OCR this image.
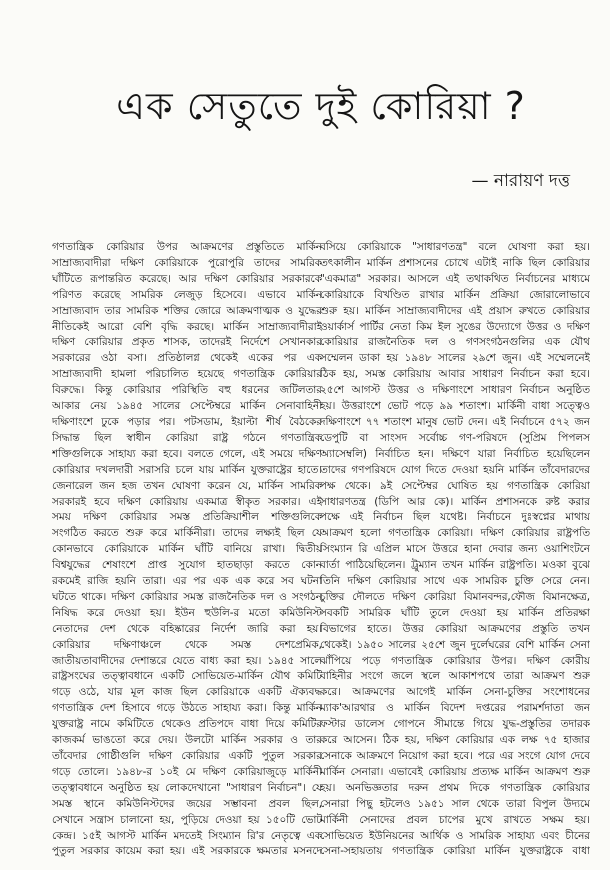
এক সেতুতে দুই কোরিয়া ?
— নারায়ণ দত্ত
গণতান্ত্রিক কোরিয়ার উপর আক্রমণের প্রস্তুতিতে মার্কিন
সাম্রাজ্যবাদীরা দক্ষিণ কোরিয়াকে পুরোপুরি তাদের সামরিক
ঘাঁটিতে রূপান্তরিত করেছে। আর দক্ষিণ কোরিয়ার সরকারকে
পরিণত করেছে সামরিক লেজুড় হিসেবে। এভাবে মার্কিন
সাম্রাজ্যবাদ তার সামরিক শক্তির জোরে আক্রমণাত্মক ও যুদ্ধের
নীতিকেই আরো বেশি বৃদ্ধি করছে। মার্কিন সাম্রাজ্যবাদীরাই
দক্ষিণ কোরিয়ার প্রকৃত শাসক, তাদেরই নির্দেশে সেখানকার
সরকারের ওঠা বসা। প্রতিষ্ঠালগ্ন থেকেই একের পর এক
সাম্রাজ্যবাদী হামলা পরিচালিত হয়েছে গণতান্ত্রিক কোরিয়ার
বিরুদ্ধে। কিন্তু কোরিয়ার পরিস্থিতি বহু ধরনের জটিলতার
আকার নেয় ১৯৪৫ সালের সেপ্টেম্বরে মার্কিন সেনাবাহিনী
দক্ষিণাংশে ঢুকে পড়ার পর। পটসডাম, ইয়াল্টা শীর্ষ বৈঠকের
সিদ্ধান্ত ছিল স্বাধীন কোরিয়া রাষ্ট্র গঠনে গণতান্ত্রিক
শক্তিগুলিকে সাহায্য করা হবে। বলতে গেলে, এই সময়ে দক্ষিণ
কোরিয়ার দখলদারী সরাসরি চলে যায় মার্কিন যুক্তরাষ্ট্রের হাতে।
জেনারেল জন হজ তখন ঘোষণা করেন যে, মার্কিন সামরিক
সরকারই হবে দক্ষিণ কোরিয়ায় একমাত্র স্বীকৃত সরকার। এই
সময় দক্ষিণ কোরিয়ার সমস্ত প্রতিক্রিয়াশীল শক্তিগুলিকে
সংগঠিত করতে শুরু করে মার্কিনীরা। তাদের লক্ষ্যই ছিল যে
কোনভাবে কোরিয়াকে মার্কিন ঘাঁটি বানিয়ে রাখা। দ্বিতীয়
বিশ্বযুদ্ধের শেষাংশে প্রাপ্ত সুযোগ হাতছাড়া করতে কোন
রকমেই রাজি হয়নি তারা। এর পর এক এক করে সব ঘটনা
ঘটতে থাকে। দক্ষিণ কোরিয়ার সমস্ত রাজনৈতিক দল ও সংগঠন
নিষিদ্ধ করে দেওয়া হয়। ইউন হুউলি-র মতো কমিউনিস্ট
নেতাদের দেশ থেকে বহিষ্কারের নির্দেশ জারি করা হয়।
কোরিয়ার দক্ষিণাঞ্চলে থেকে সমস্ত দেশপ্রেমিক,
জাতীয়তাবাদীদের দেশান্তরে যেতে বাধ্য করা হয়। ১৯৪৫ সালে
রাষ্ট্রসংঘের তত্ত্বাবধানে একটি সোভিয়েত-মার্কিন যৌথ কমিটি
গড়ে ওঠে, যার মূল কাজ ছিল কোরিয়াকে একটি ঐক্যবদ্ধ
গণতান্ত্রিক দেশ হিসাবে গড়ে উঠতে সাহায্য করা। কিন্তু মার্কিন
যুক্তরাষ্ট্র নামে কমিটিতে থেকেও প্রতিপদে বাধা দিয়ে কমিটির
কাজকর্ম ভাঙতো করে দেয়। উলটো মার্কিন সরকার ও তার
তাঁবেদার গোষ্ঠীগুলি দক্ষিণ কোরিয়ার একটি পুতুল সরকার
গড়ে তোলে। ১৯৪৮-র ১০ই মে দক্ষিণ কোরিয়াজুড়ে মার্কিনী
তত্ত্বাবধানে অনুষ্ঠিত হয় লোকদেখানো "সাধারণ নির্বাচন"। যে
সমস্ত স্থানে কমিউনিস্টদের জয়ের সম্ভাবনা প্রবল ছিল,
সেখানে সন্ত্রাস চালানো হয়, পুড়িয়ে দেওয়া হয় ১৫০টি ভোট
কেন্দ্র। ১৫ই আগস্ট মার্কিন মদতেই সিংম্যান রি'র নেতৃত্বে এক
পুতুল সরকার কায়েম করা হয়। এই সরকারকে ক্ষমতার মসনদে
বসিয়ে কোরিয়াকে "সাধারণতন্ত্র" বলে ঘোষণা করা হয়।
তৎকালীন মার্কিন প্রশাসনের চোখে এটাই নাকি ছিল কোরিয়ার
"একমাত্র" সরকার। আসলে এই তথাকথিত নির্বাচনের মাধ্যমে
কোরিয়াকে বিখণ্ডিত রাখার মার্কিন প্রক্রিয়া জোরালোভাবে
শুরু হয়। মার্কিন সাম্রাজ্যবাদীদের এই প্রয়াস রুখতে কোরিয়ার
ওয়ার্কার্স পার্টির নেতা কিম ইল সুঙের উদ্যোগে উত্তর ও দক্ষিণ
কোরিয়ার রাজনৈতিক দল ও গণসংগঠনগুলির এক যৌথ
সম্মেলন ডাকা হয় ১৯৪৮ সালের ২৯শে জুন। এই সম্মেলনেই
ঠিক হয়, সমস্ত কোরিয়ায় আবার সাধারণ নির্বাচন করা হবে।
২৫শে আগস্ট উত্তর ও দক্ষিণাংশে সাধারণ নির্বাচন অনুষ্ঠিত
হয়। উত্তরাংশে ভোট পড়ে ৯৯ শতাংশ। মার্কিনী বাধা সত্ত্বেও
দক্ষিণাংশে ৭৭ শতাংশ মানুষ ভোট দেন। এই নির্বাচনে ৫৭২ জন
ডেপুটি বা সাংসদ সর্বোচ্চ গণ-পরিষদে (সুপ্রিম পিপলস
অ্যাসেম্বলি) নির্বাচিত হন। দক্ষিণে যারা নির্বাচিত হয়েছিলেন
তাদের গণপরিষদে যোগ দিতে দেওয়া হয়নি মার্কিন তাঁবেদারদের
পক্ষ থেকে। ৯ই সেপ্টেম্বর ঘোষিত হয় গণতান্ত্রিক কোরিয়া
সাধারণতন্ত্র (ডিপি আর কে)। মার্কিন প্রশাসনকে রুষ্ট করার
পক্ষে এই নির্বাচন ছিল যথেষ্ট। নির্বাচনে দুঃস্বপ্নের মাথায়
আক্রমণ হলো গণতান্ত্রিক কোরিয়া। দক্ষিণ কোরিয়ার রাষ্ট্রপতি
সিংম্যান রি এপ্রিল মাসে উত্তরে হানা দেবার জন্য ওয়াশিংটনে
বার্তা পাঠিয়েছিলেন। ট্রুম্যান তখন মার্কিন রাষ্ট্রপতি। মওকা বুঝে
তিনি দক্ষিণ কোরিয়ার সাথে এক সামরিক চুক্তি সেরে নেন।
চুক্তির দৌলতে দক্ষিণ কোরিয়া বিমানবন্দর,ফৌজ বিমানক্ষেত্র,
সবকটি সামরিক ঘাঁটি তুলে দেওয়া হয় মার্কিন প্রতিরক্ষা
বিভাগের হাতে। উত্তর কোরিয়া আক্রমণের প্রস্তুতি তখন
থেকেই। ১৯৫০ সালের ২৫শে জুন দুর্লেঘরের বেশি মার্কিন সেনা
ঝাঁপিয়ে পড়ে গণতান্ত্রিক কোরিয়ার উপর। দক্ষিণ কোরীয়
বাহিনীর সংগে জলে স্থলে আকাশপথে তারা আক্রমণ শুরু
করে। আক্রমণের আগেই মার্কিন সেনা-চুক্তির সংশোধনের
ম্যাক'আরথার ও মার্কিন বিদেশ দপ্তরের পরামর্শদাতা জন
ফস্টার ডালেস গোপনে সীমান্তে গিয়ে যুদ্ধ-প্রস্তুতির তদারক
করে আসেন। ঠিক হয়, দক্ষিণ কোরিয়ার এক লক্ষ ৭৫ হাজার
সেনাকে আক্রমণে নিয়োগ করা হবে। পরে এর সংগে যোগ দেবে
মার্কিন সেনারা। এভাবেই কোরিয়ায় প্রত্যক্ষ মার্কিন আক্রমণ শুরু
হয়। অনভিজ্ঞতার দরুন প্রথম দিকে গণতান্ত্রিক কোরিয়ার
সেনারা পিছু হটলেও ১৯৫১ সাল থেকে তারা বিপুল উদ্যমে
মার্কিনী সেনাদের প্রবল চাপের মুখে রাখতে সক্ষম হয়।
সোভিয়েত ইউনিয়নের আর্থিক ও সামরিক সাহায্য এবং চীনের
সেনা-সহায়তায় গণতান্ত্রিক কোরিয়া মার্কিন যুক্তরাষ্ট্রকে বাধা
